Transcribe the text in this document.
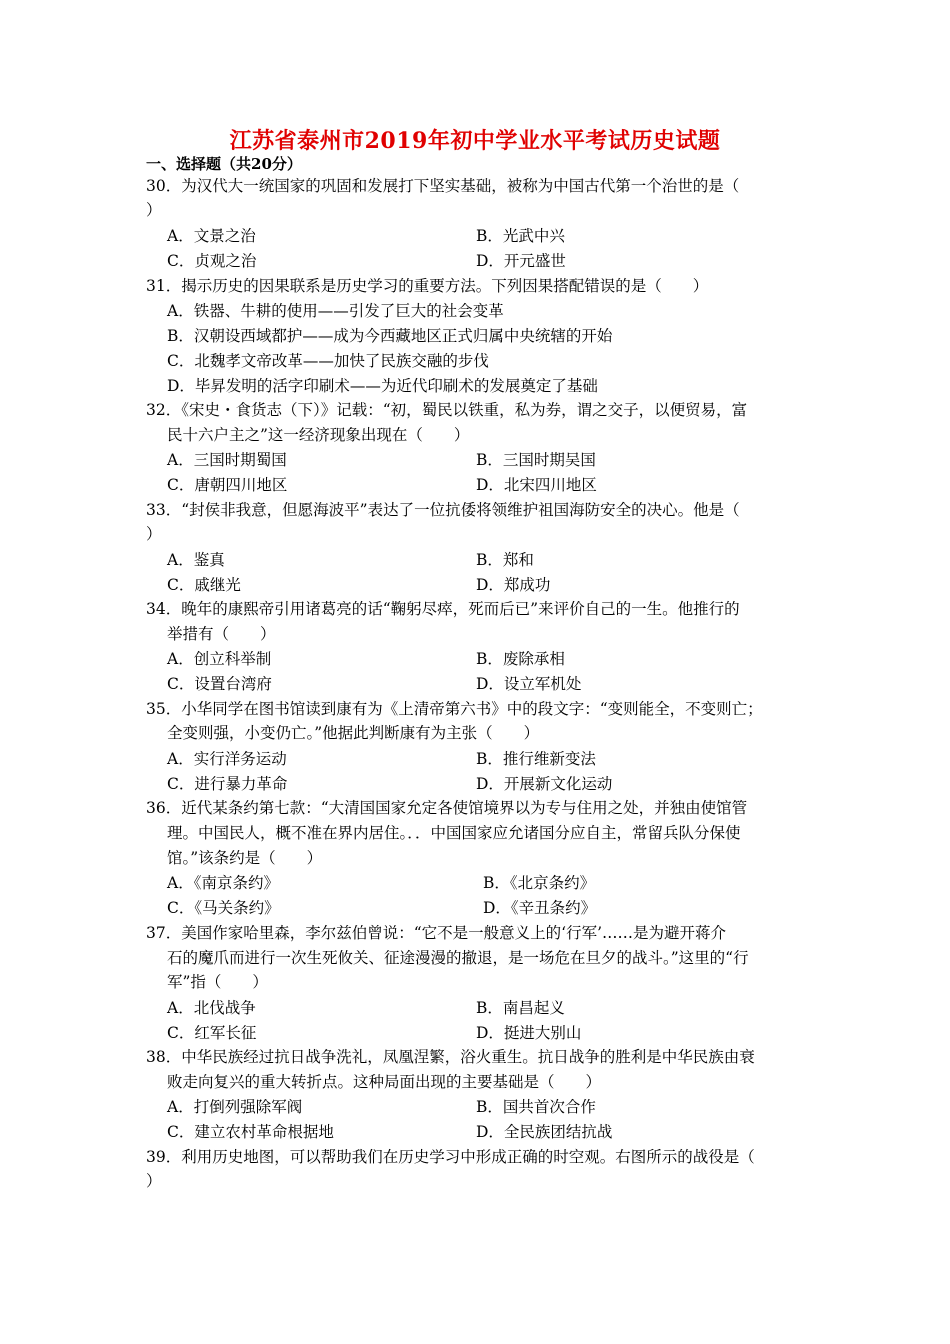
江苏省泰州市2019年初中学业水平考试历史试题
一、选择题（共20分）
30．为汉代大一统国家的巩固和发展打下坚实基础，被称为中国古代第一个治世的是（
）
A．文景之治	B．光武中兴
C．贞观之治	D．开元盛世
31．揭示历史的因果联系是历史学习的重要方法。下列因果搭配错误的是（　　）
A．铁器、牛耕的使用——引发了巨大的社会变革
B．汉朝设西域都护——成为今西藏地区正式归属中央统辖的开始
C．北魏孝文帝改革——加快了民族交融的步伐
D．毕昇发明的活字印刷术——为近代印刷术的发展奠定了基础
32．《宋史・食货志（下）》记载：“初，蜀民以铁重，私为券，谓之交子，以便贸易，富
民十六户主之”这一经济现象出现在（　　）
A．三国时期蜀国	B．三国时期吴国
C．唐朝四川地区	D．北宋四川地区
33．“封侯非我意，但愿海波平”表达了一位抗倭将领维护祖国海防安全的决心。他是（
）
A．鉴真	B．郑和
C．戚继光	D．郑成功
34．晚年的康熙帝引用诸葛亮的话“鞠躬尽瘁，死而后已”来评价自己的一生。他推行的
举措有（　　）
A．创立科举制	B．废除承相
C．设置台湾府	D．设立军机处
35．小华同学在图书馆读到康有为《上清帝第六书》中的段文字：“变则能全，不变则亡；
全变则强，小变仍亡。”他据此判断康有为主张（　　）
A．实行洋务运动	B．推行维新变法
C．进行暴力革命	D．开展新文化运动
36．近代某条约第七款：“大清国国家允定各使馆境界以为专与住用之处，并独由使馆管
理。中国民人，概不准在界内居住。．．中国国家应允诸国分应自主，常留兵队分保使
馆。”该条约是（　　）
A．《南京条约》	B．《北京条约》
C．《马关条约》	D．《辛丑条约》
37．美国作家哈里森，李尔兹伯曾说：“它不是一般意义上的‘行军’……是为避开蒋介
石的魔爪而进行一次生死攸关、征途漫漫的撤退，是一场危在旦夕的战斗。”这里的“行
军”指（　　）
A．北伐战争	B．南昌起义
C．红军长征	D．挺进大别山
38．中华民族经过抗日战争洗礼，凤凰涅繁，浴火重生。抗日战争的胜利是中华民族由衰
败走向复兴的重大转折点。这种局面出现的主要基础是（　　）
A．打倒列强除军阀	B．国共首次合作
C．建立农村革命根据地	D．全民族团结抗战
39．利用历史地图，可以帮助我们在历史学习中形成正确的时空观。右图所示的战役是（
）
